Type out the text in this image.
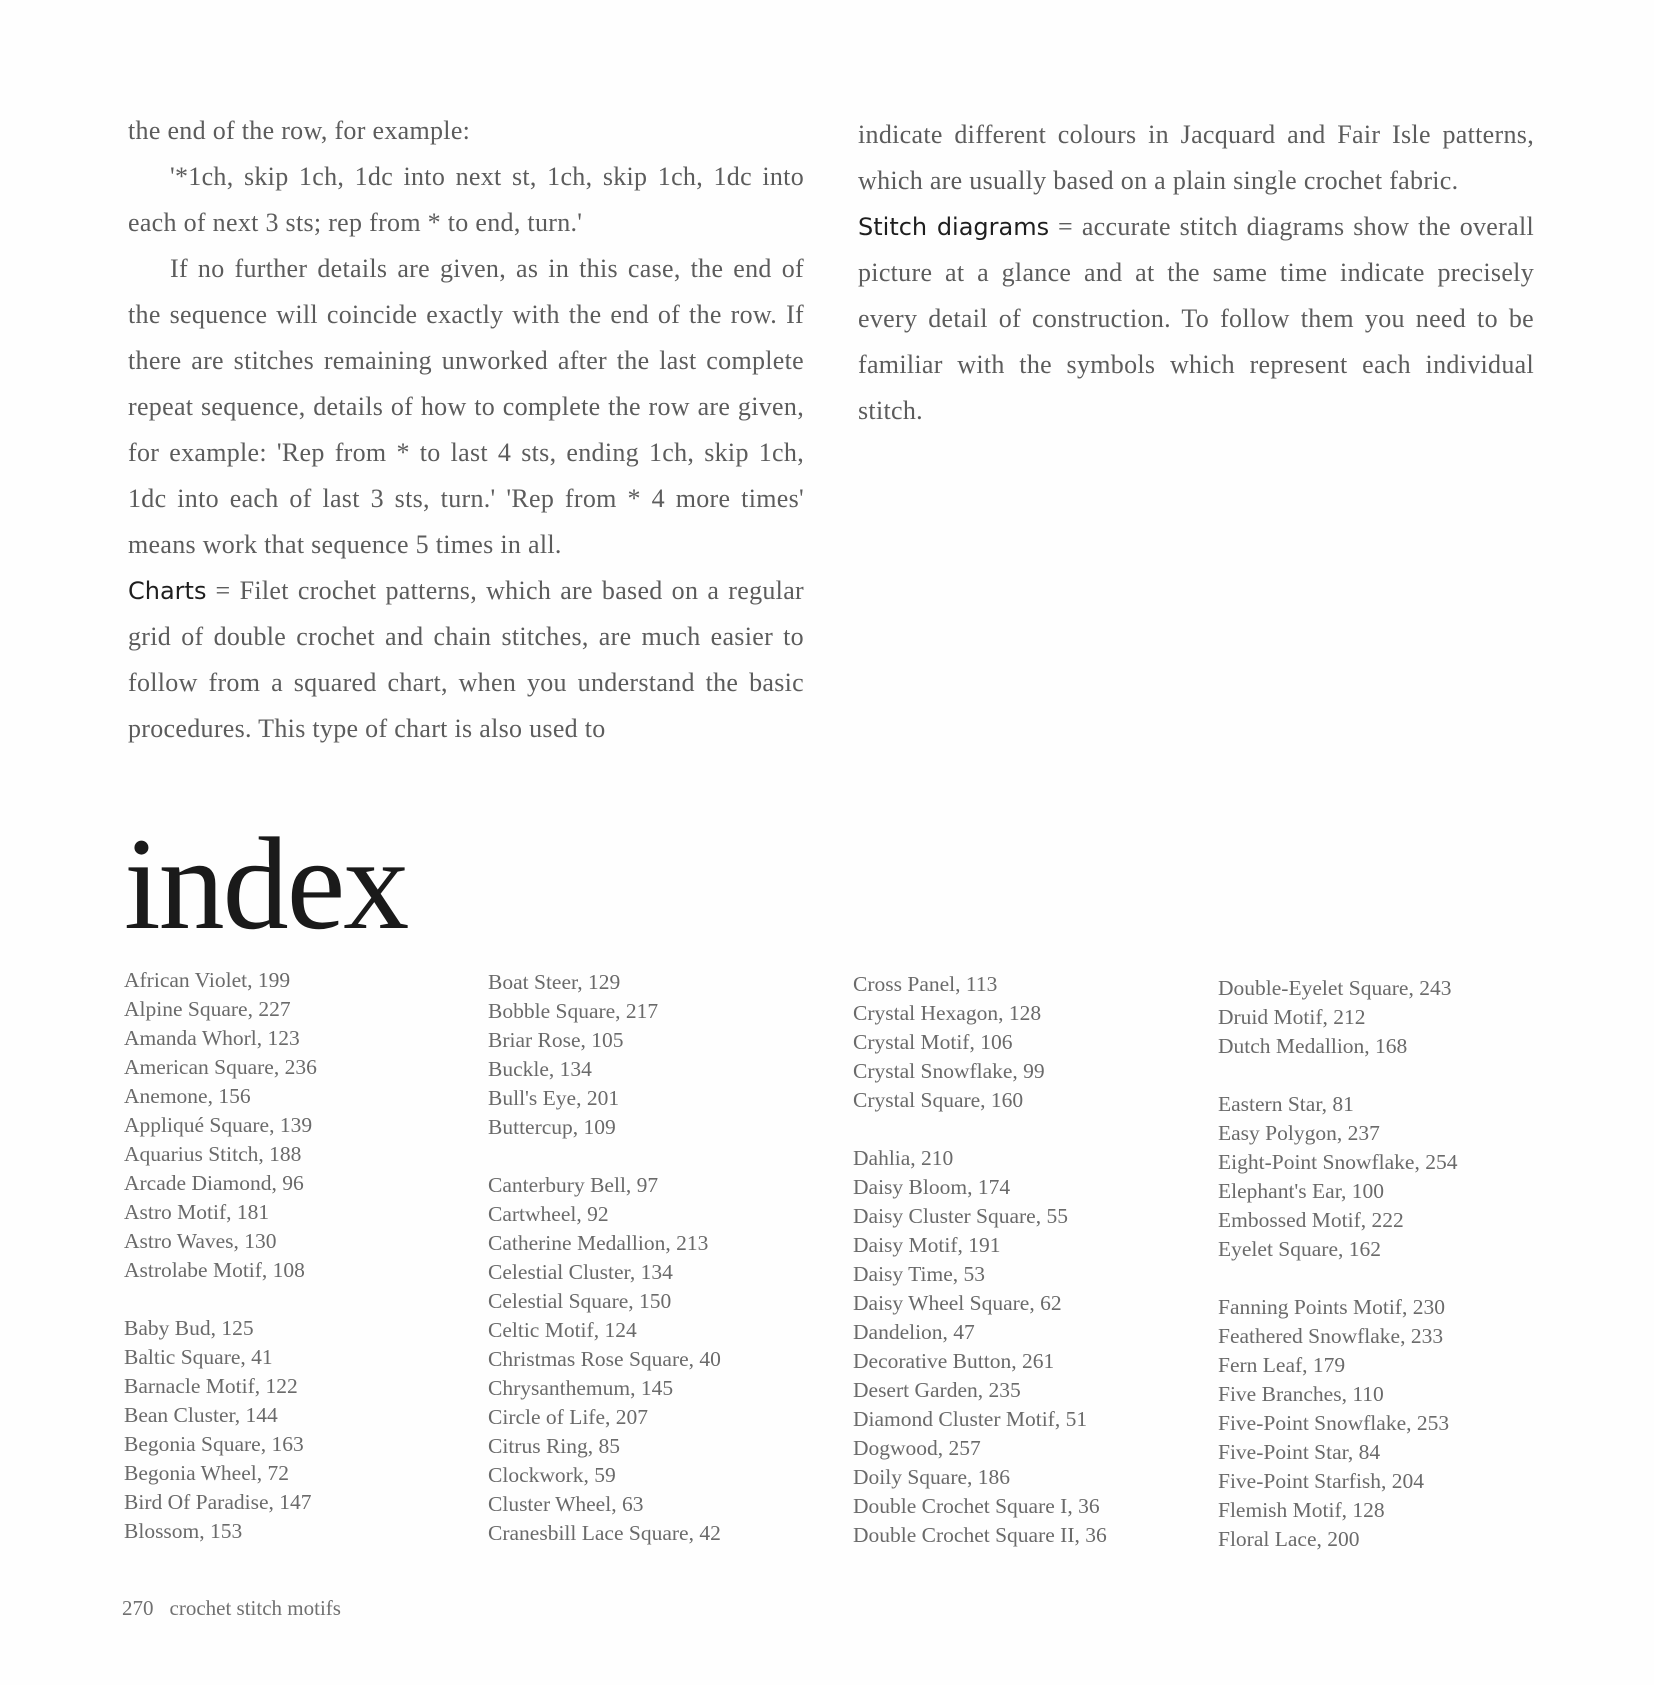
the end of the row, for example:

'*1ch, skip 1ch, 1dc into next st, 1ch, skip 1ch, 1dc into each of next 3 sts; rep from * to end, turn.'

If no further details are given, as in this case, the end of the sequence will coincide exactly with the end of the row. If there are stitches remaining unworked after the last complete repeat sequence, details of how to complete the row are given, for example: 'Rep from * to last 4 sts, ending 1ch, skip 1ch, 1dc into each of last 3 sts, turn.' 'Rep from * 4 more times' means work that sequence 5 times in all.

Charts = Filet crochet patterns, which are based on a regular grid of double crochet and chain stitches, are much easier to follow from a squared chart, when you understand the basic procedures. This type of chart is also used to

indicate different colours in Jacquard and Fair Isle patterns, which are usually based on a plain single crochet fabric.

Stitch diagrams = accurate stitch diagrams show the overall picture at a glance and at the same time indicate precisely every detail of construction. To follow them you need to be familiar with the symbols which represent each individual stitch.

index
African Violet, 199
Alpine Square, 227
Amanda Whorl, 123
American Square, 236
Anemone, 156
Appliqué Square, 139
Aquarius Stitch, 188
Arcade Diamond, 96
Astro Motif, 181
Astro Waves, 130
Astrolabe Motif, 108
Baby Bud, 125
Baltic Square, 41
Barnacle Motif, 122
Bean Cluster, 144
Begonia Square, 163
Begonia Wheel, 72
Bird Of Paradise, 147
Blossom, 153
Boat Steer, 129
Bobble Square, 217
Briar Rose, 105
Buckle, 134
Bull's Eye, 201
Buttercup, 109
Canterbury Bell, 97
Cartwheel, 92
Catherine Medallion, 213
Celestial Cluster, 134
Celestial Square, 150
Celtic Motif, 124
Christmas Rose Square, 40
Chrysanthemum, 145
Circle of Life, 207
Citrus Ring, 85
Clockwork, 59
Cluster Wheel, 63
Cranesbill Lace Square, 42
Cross Panel, 113
Crystal Hexagon, 128
Crystal Motif, 106
Crystal Snowflake, 99
Crystal Square, 160
Dahlia, 210
Daisy Bloom, 174
Daisy Cluster Square, 55
Daisy Motif, 191
Daisy Time, 53
Daisy Wheel Square, 62
Dandelion, 47
Decorative Button, 261
Desert Garden, 235
Diamond Cluster Motif, 51
Dogwood, 257
Doily Square, 186
Double Crochet Square I, 36
Double Crochet Square II, 36
Double-Eyelet Square, 243
Druid Motif, 212
Dutch Medallion, 168
Eastern Star, 81
Easy Polygon, 237
Eight-Point Snowflake, 254
Elephant's Ear, 100
Embossed Motif, 222
Eyelet Square, 162
Fanning Points Motif, 230
Feathered Snowflake, 233
Fern Leaf, 179
Five Branches, 110
Five-Point Snowflake, 253
Five-Point Star, 84
Five-Point Starfish, 204
Flemish Motif, 128
Floral Lace, 200
270 crochet stitch motifs
